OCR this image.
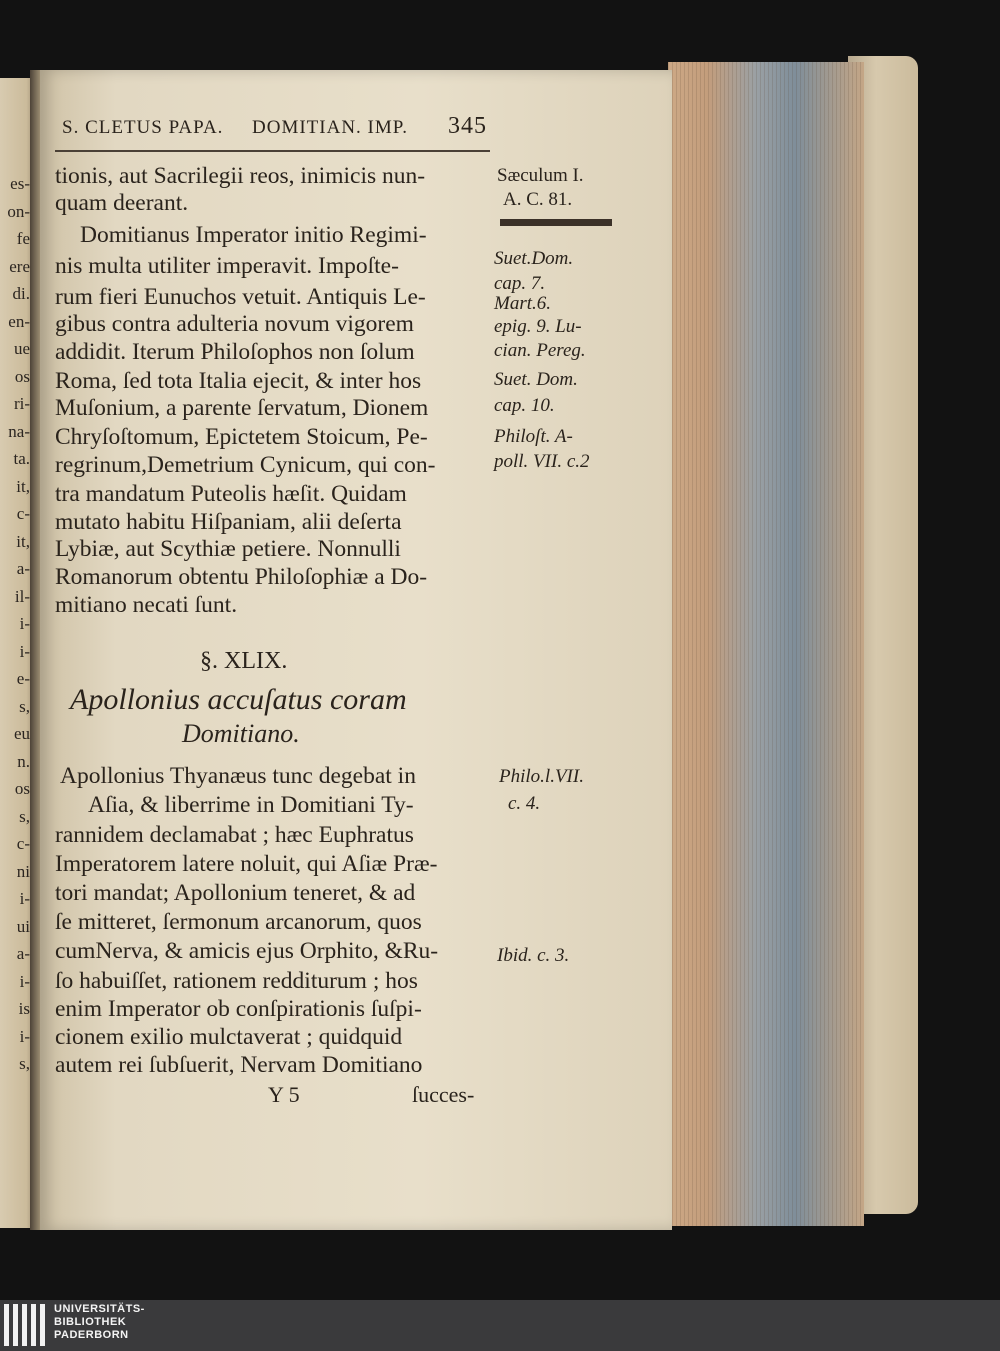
es-
on-
fe
ere
di.
en-
ue
os
ri-
na-
ta.
it,
c-
it,
a-
il-
i-
i-
e-
s,
eu
n.
os
s,
c-
ni
i-
ui
a-
i-
is
i-
s,
S. CLETUS PAPA. DOMITIAN. IMP. 345
tionis, aut Sacrilegii reos, inimicis nun-
quam deerant.
Domitianus Imperator initio Regimi-
nis multa utiliter imperavit. Impoſte-
rum fieri Eunuchos vetuit. Antiquis Le-
gibus contra adulteria novum vigorem
addidit. Iterum Philoſophos non ſolum
Roma, ſed tota Italia ejecit, & inter hos
Muſonium, a parente ſervatum, Dionem
Chryſoſtomum, Epictetem Stoicum, Pe-
regrinum,Demetrium Cynicum, qui con-
tra mandatum Puteolis hæſit. Quidam
mutato habitu Hiſpaniam, alii deſerta
Lybiæ, aut Scythiæ petiere. Nonnulli
Romanorum obtentu Philoſophiæ a Do-
mitiano necati ſunt.
§. XLIX.
Apollonius accuſatus coram
Domitiano.
Apollonius Thyanæus tunc degebat in
Aſia, & liberrime in Domitiani Ty-
rannidem declamabat ; hæc Euphratus
Imperatorem latere noluit, qui Aſiæ Præ-
tori mandat; Apollonium teneret, & ad
ſe mitteret, ſermonum arcanorum, quos
cumNerva, & amicis ejus Orphito, &Ru-
ſo habuiſſet, rationem redditurum ; hos
enim Imperator ob conſpirationis ſuſpi-
cionem exilio mulctaverat ; quidquid
autem rei ſubſuerit, Nervam Domitiano
Y 5	ſucces-
Sæculum I.
A. C. 81.
Suet.Dom.
cap. 7.
Mart.6.
epig. 9. Lu-
cian. Pereg.
Suet. Dom.
cap. 10.
Philoſt. A-
poll. VII. c.2
Philo.l.VII.
c. 4.
Ibid. c. 3.
UNIVERSITÄTS-
BIBLIOTHEK
PADERBORN
